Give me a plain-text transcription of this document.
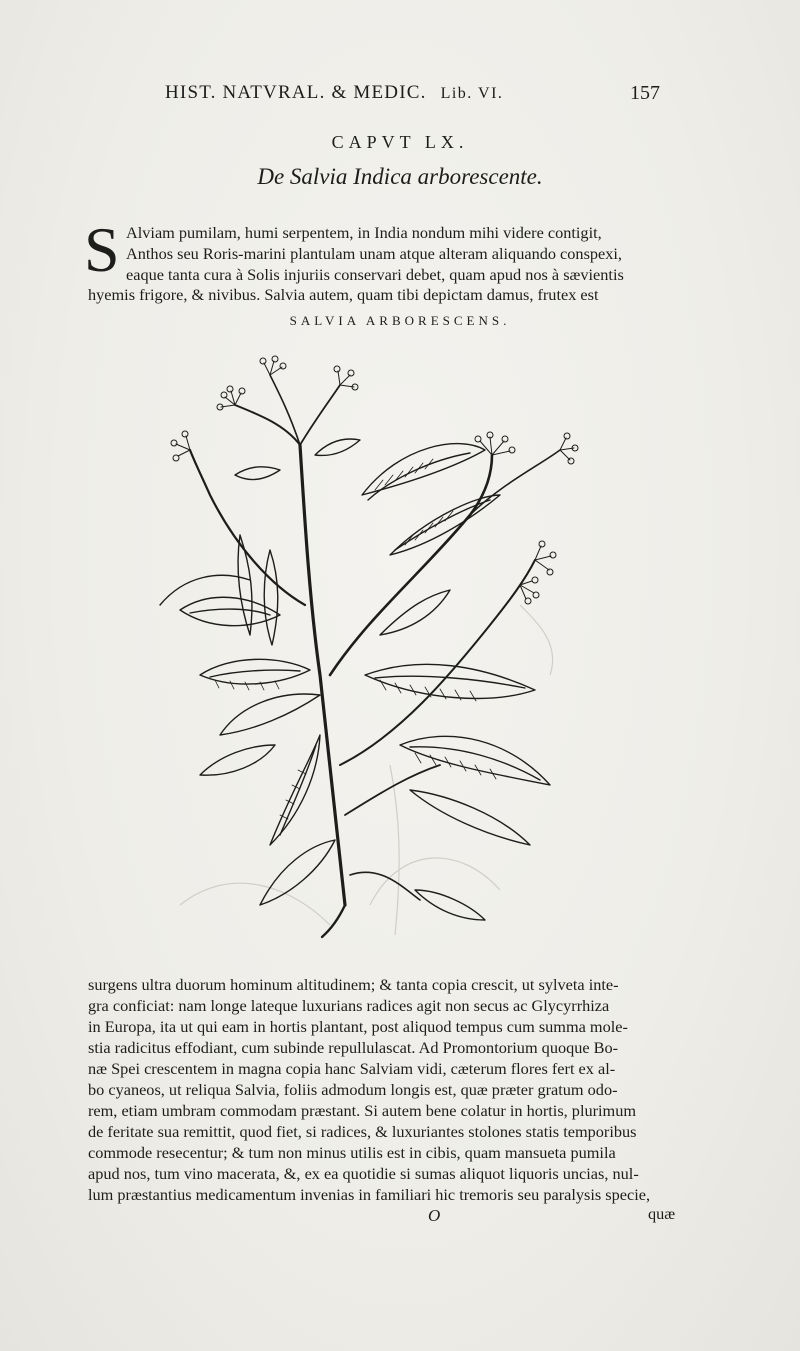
HIST. NATVRAL. & MEDIC. Lib. VI.	157
CAPVT LX.
De Salvia Indica arborescente.
S Alviam pumilam, humi serpentem, in India nondum mihi videre contigit,
Anthos seu Roris-marini plantulam unam atque alteram aliquando conspexi,
eaque tanta cura à Solis injuriis conservari debet, quam apud nos à sævientis
hyemis frigore, & nivibus. Salvia autem, quam tibi depictam damus, frutex est
SALVIA ARBORESCENS.
surgens ultra duorum hominum altitudinem; & tanta copia crescit, ut sylveta inte-
gra conficiat: nam longe lateque luxurians radices agit non secus ac Glycyrrhiza
in Europa, ita ut qui eam in hortis plantant, post aliquod tempus cum summa mole-
stia radicitus effodiant, cum subinde repullulascat. Ad Promontorium quoque Bo-
næ Spei crescentem in magna copia hanc Salviam vidi, cæterum flores fert ex al-
bo cyaneos, ut reliqua Salvia, foliis admodum longis est, quæ præter gratum odo-
rem, etiam umbram commodam præstant. Si autem bene colatur in hortis, plurimum
de feritate sua remittit, quod fiet, si radices, & luxuriantes stolones statis temporibus
commode resecentur; & tum non minus utilis est in cibis, quam mansueta pumila
apud nos, tum vino macerata, &, ex ea quotidie si sumas aliquot liquoris uncias, nul-
lum præstantius medicamentum invenias in familiari hic tremoris seu paralysis specie,
O	quæ
